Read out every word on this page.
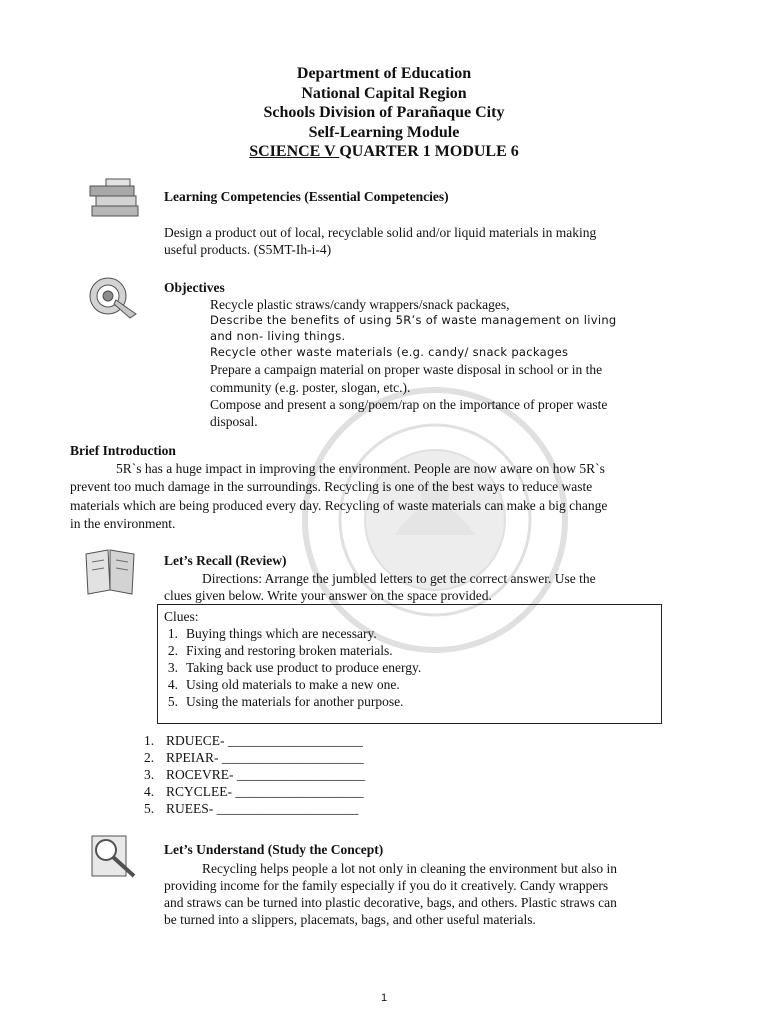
Department of Education
National Capital Region
Schools Division of Parañaque City
Self-Learning Module
SCIENCE V QUARTER 1 MODULE 6
Learning Competencies (Essential Competencies)
Design a product out of local, recyclable solid and/or liquid materials in making
useful products. (S5MT-Ih-i-4)
Objectives
Recycle plastic straws/candy wrappers/snack packages,
Describe the benefits of using 5R’s of waste management on living
and non- living things.
Recycle other waste materials (e.g. candy/ snack packages
Prepare a campaign material on proper waste disposal in school or in the
community (e.g. poster, slogan, etc.).
Compose and present a song/poem/rap on the importance of proper waste
disposal.
Brief Introduction
5R`s has a huge impact in improving the environment. People are now aware on how 5R`s
prevent too much damage in the surroundings. Recycling is one of the best ways to reduce waste
materials which are being produced every day. Recycling of waste materials can make a big change
in the environment.
Let’s Recall (Review)
Directions: Arrange the jumbled letters to get the correct answer. Use the
clues given below. Write your answer on the space provided.
Clues:
1. Buying things which are necessary.
2. Fixing and restoring broken materials.
3. Taking back use product to produce energy.
4. Using old materials to make a new one.
5. Using the materials for another purpose.
1. RDUECE- ____________________
2. RPEIAR- _____________________
3. ROCEVRE- ___________________
4. RCYCLEE- ___________________
5. RUEES- _____________________
Let’s Understand (Study the Concept)
Recycling helps people a lot not only in cleaning the environment but also in
providing income for the family especially if you do it creatively. Candy wrappers
and straws can be turned into plastic decorative, bags, and others. Plastic straws can
be turned into a slippers, placemats, bags, and other useful materials.
1
